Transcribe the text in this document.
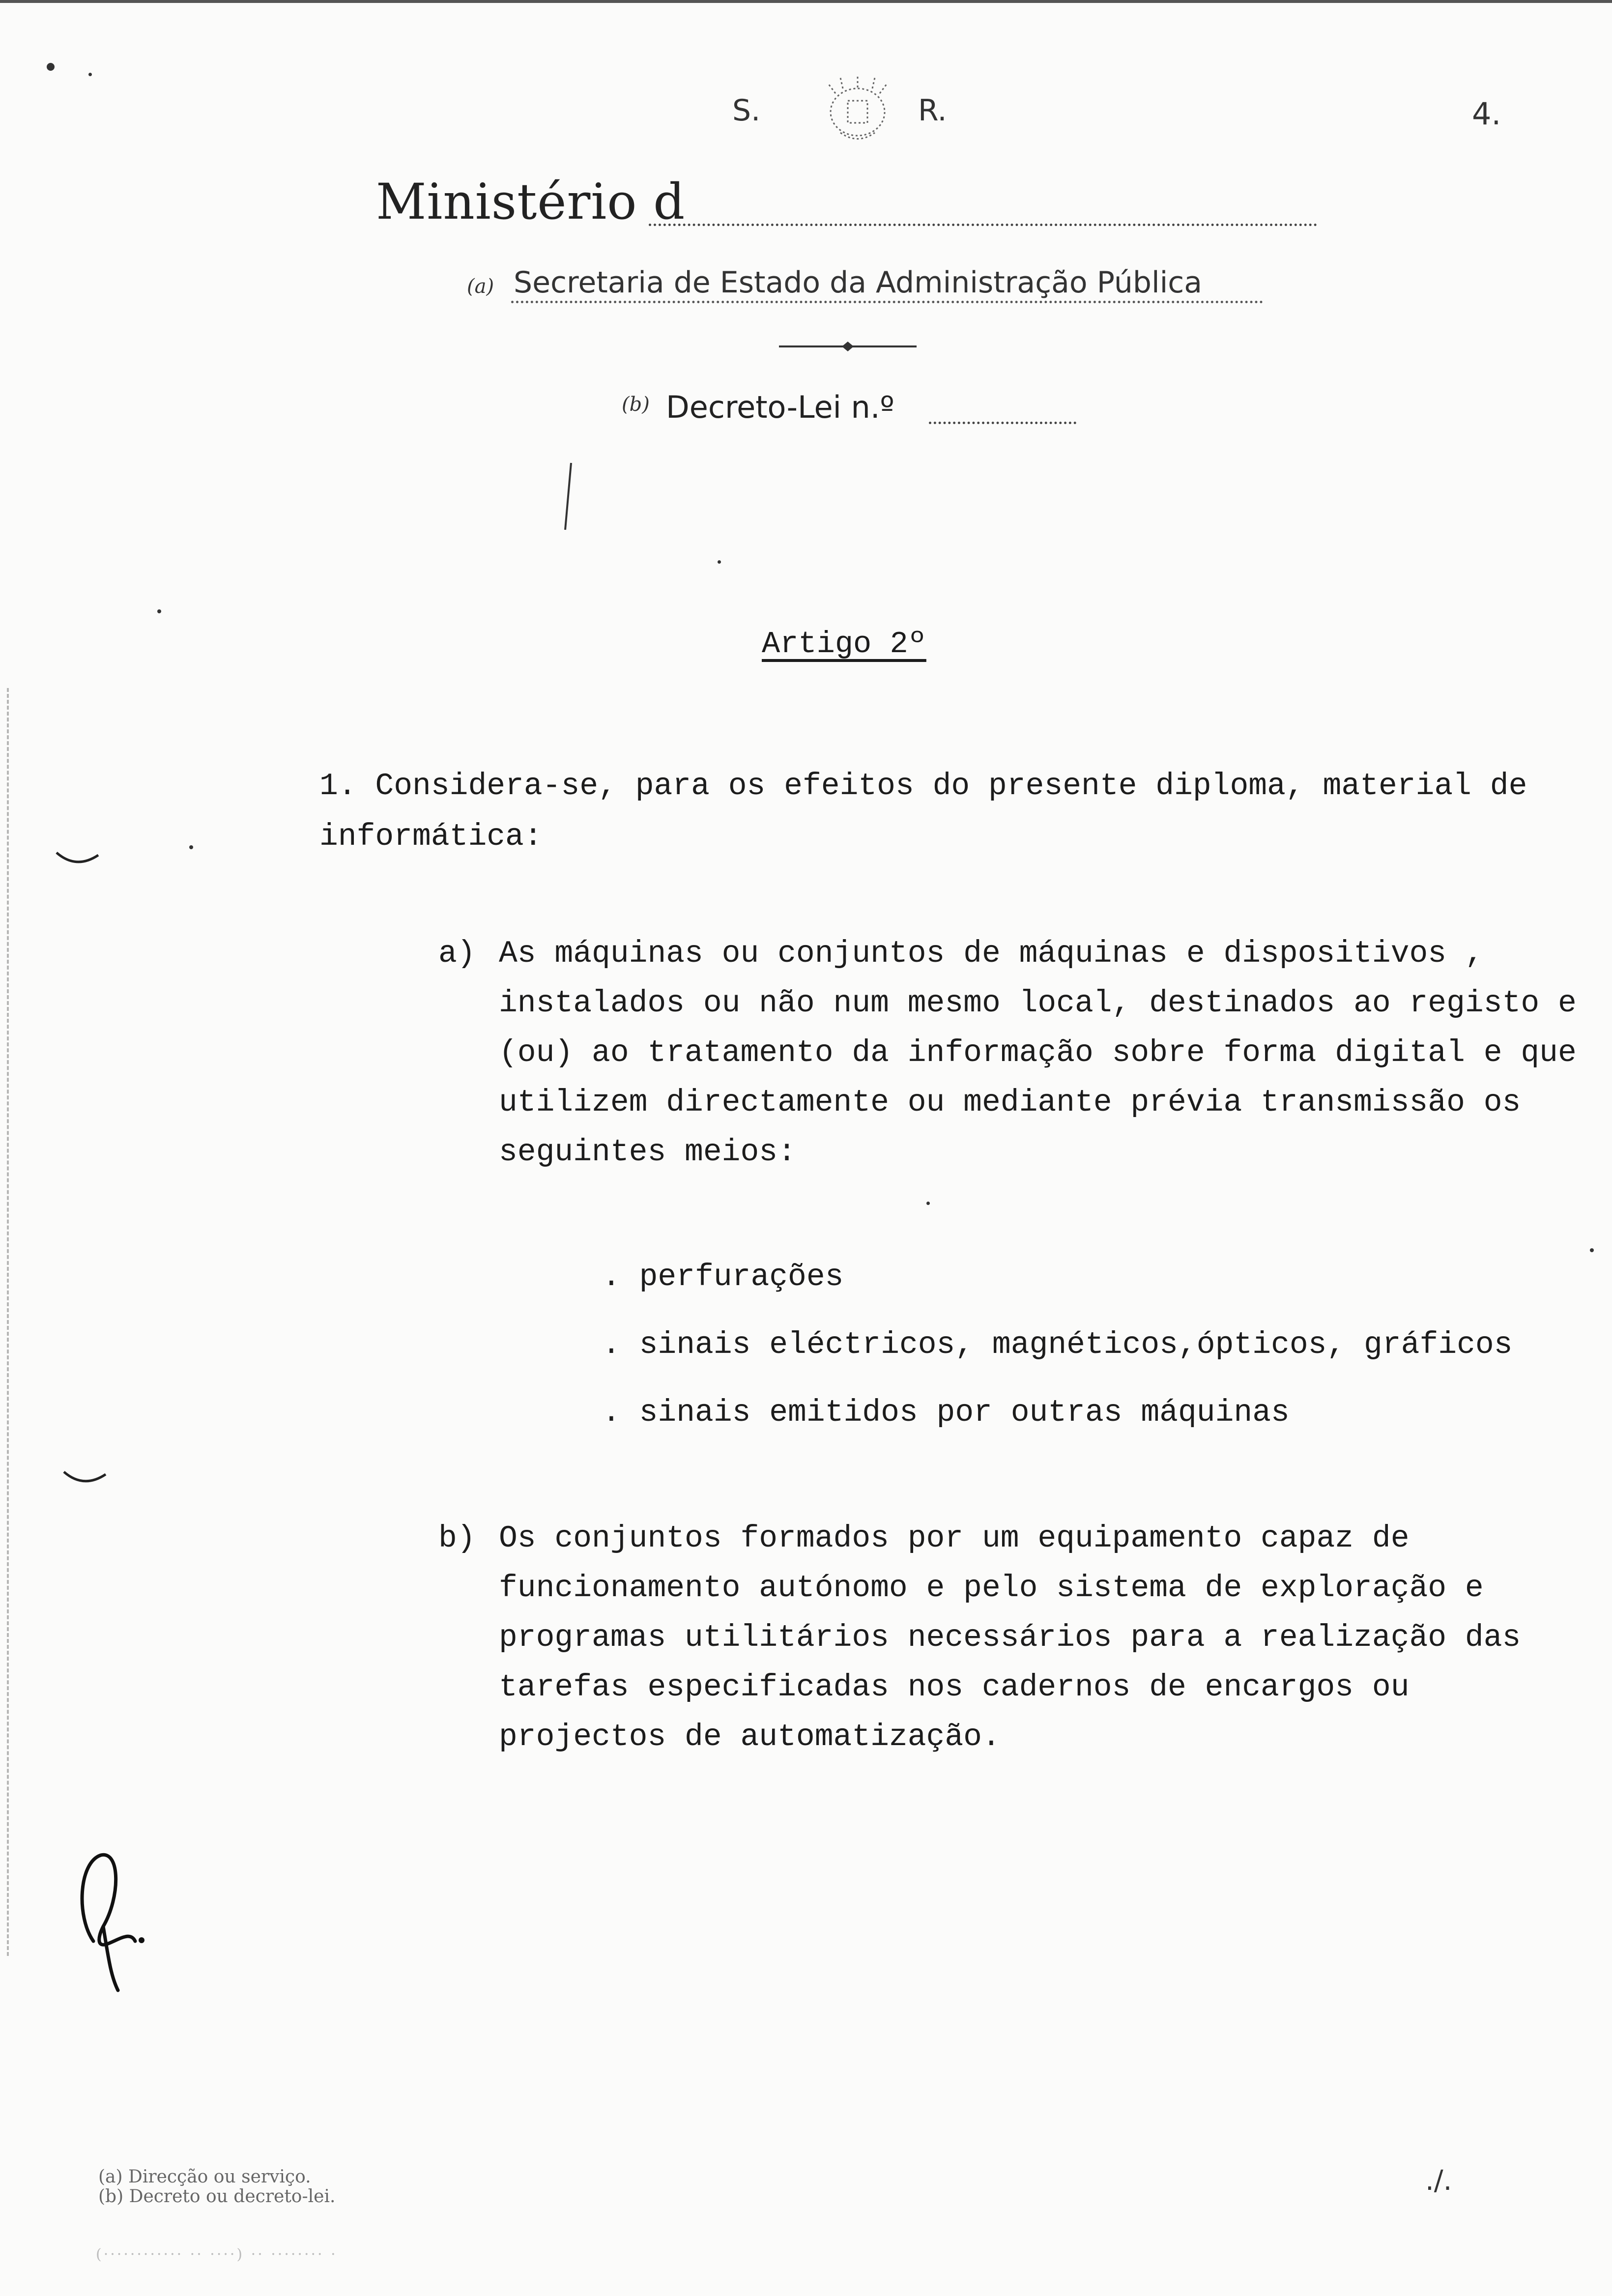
S.	R.	4.
Ministério d
(a) Secretaria de Estado da Administração Pública
(b) Decreto-Lei n.º
Artigo 2º
1. Considera-se, para os efeitos do presente diploma, material de informática:
a) As máquinas ou conjuntos de máquinas e dispositivos , instalados ou não num mesmo local, destinados ao registo e (ou) ao tratamento da informação sobre forma digital e que utilizem directamente ou mediante prévia transmissão os seguintes meios:
. perfurações
. sinais eléctricos, magnéticos,ópticos, gráficos
. sinais emitidos por outras máquinas
b) Os conjuntos formados por um equipamento capaz de funcionamento autónomo e pelo sistema de exploração e programas utilitários necessários para a realização das tarefas especificadas nos cadernos de encargos ou projectos de automatização.
(a) Direcção ou serviço.
(b) Decreto ou decreto-lei.
(············ ·· ····) ·· ········ ·
./.
